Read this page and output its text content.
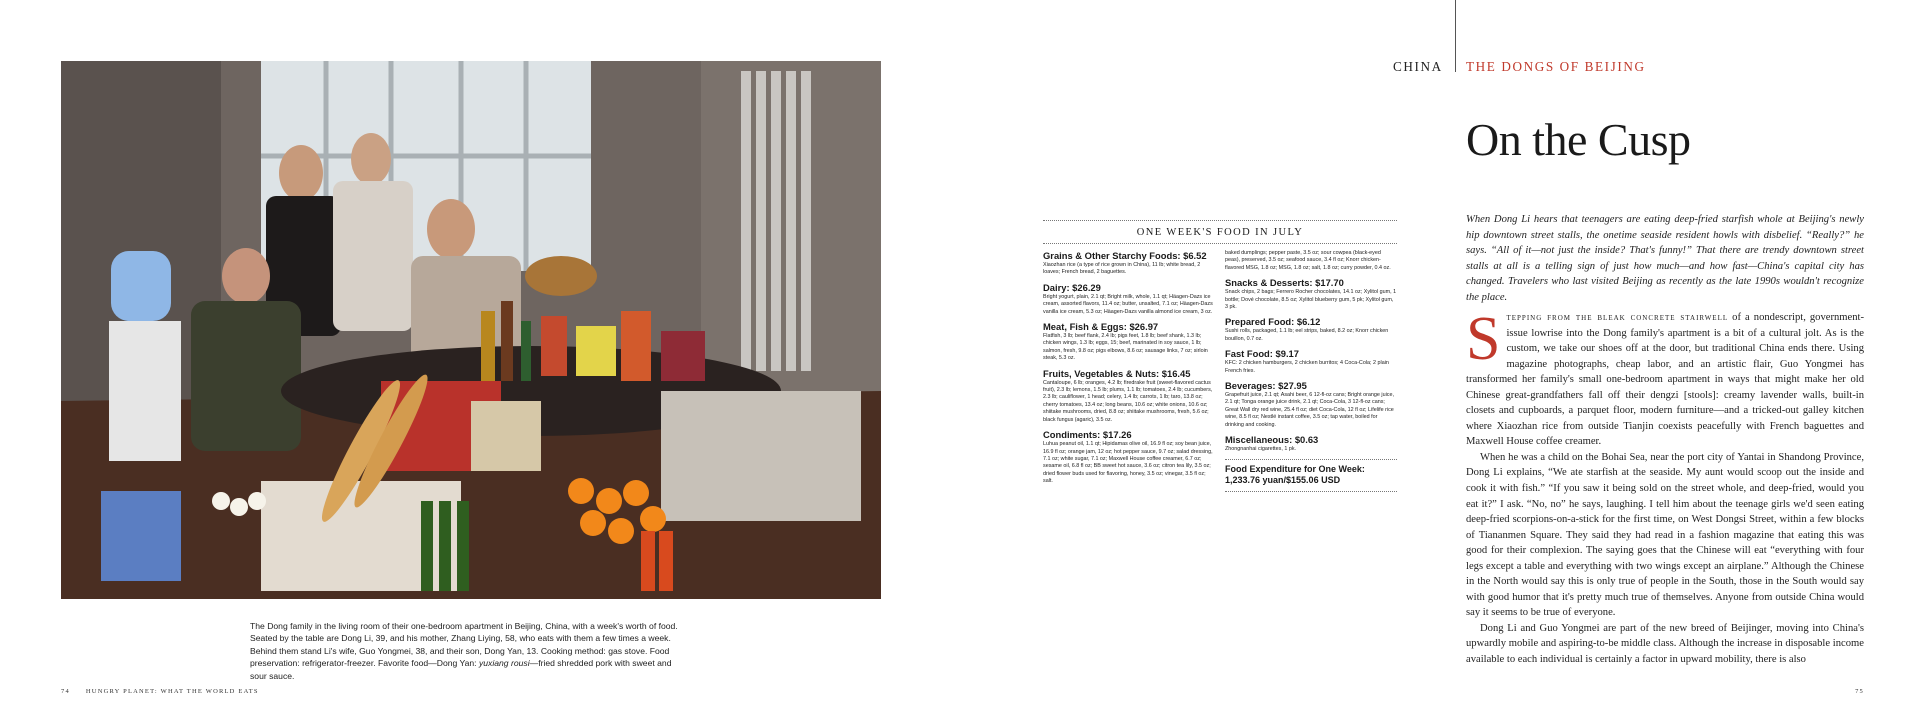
The Dong family in the living room of their one-bedroom apartment in Beijing, China, with a week's worth of food. Seated by the table are Dong Li, 39, and his mother, Zhang Liying, 58, who eats with them a few times a week. Behind them stand Li's wife, Guo Yongmei, 38, and their son, Dong Yan, 13. Cooking method: gas stove. Food preservation: refrigerator-freezer. Favorite food—Dong Yan: yuxiang rousi—fried shredded pork with sweet and sour sauce.
74 HUNGRY PLANET: WHAT THE WORLD EATS
ONE WEEK'S FOOD IN JULY
Grains & Other Starchy Foods: $6.52
Xiaozhan rice (a type of rice grown in China), 11 lb; white bread, 2 loaves; French bread, 2 baguettes.
Dairy: $26.29
Bright yogurt, plain, 2.1 qt; Bright milk, whole, 1.1 qt; Häagen-Dazs ice cream, assorted flavors, 11.4 oz; butter, unsalted, 7.1 oz; Häagen-Dazs vanilla ice cream, 5.3 oz; Häagen-Dazs vanilla almond ice cream, 3 oz.
Meat, Fish & Eggs: $26.97
Flatfish, 3 lb; beef flank, 2.4 lb; pigs feet, 1.8 lb; beef shank, 1.3 lb; chicken wings, 1.3 lb; eggs, 15; beef, marinated in soy sauce, 1 lb; salmon, fresh, 9.8 oz; pigs elbows, 8.6 oz; sausage links, 7 oz; sirloin steak, 5.3 oz.
Fruits, Vegetables & Nuts: $16.45
Cantaloupe, 6 lb; oranges, 4.2 lb; firedrake fruit (sweet-flavored cactus fruit), 2.3 lb; lemons, 1.5 lb; plums, 1.1 lb; tomatoes, 2.4 lb; cucumbers, 2.3 lb; cauliflower, 1 head; celery, 1.4 lb; carrots, 1 lb; taro, 13.8 oz; cherry tomatoes, 13.4 oz; long beans, 10.6 oz; white onions, 10.6 oz; shiitake mushrooms, dried, 8.8 oz; shiitake mushrooms, fresh, 5.6 oz; black fungus (agaric), 3.5 oz.
Condiments: $17.26
Luhua peanut oil, 1.1 qt; Hipidamas olive oil, 16.9 fl oz; soy bean juice, 16.9 fl oz; orange jam, 12 oz; hot pepper sauce, 9.7 oz; salad dressing, 7.1 oz; white sugar, 7.1 oz; Maxwell House coffee creamer, 6.7 oz; sesame oil, 6.8 fl oz; BB sweet hot sauce, 3.6 oz; citron tea lily, 3.5 oz; dried flower buds used for flavoring, honey, 3.5 oz; vinegar, 3.5 fl oz; salt.
baked dumplings; pepper paste, 3.5 oz; sour cowpea (black-eyed peas), preserved, 3.5 oz; seafood sauce, 3.4 fl oz; Knorr chicken-flavored MSG, 1.8 oz; MSG, 1.8 oz; salt, 1.8 oz; curry powder, 0.4 oz.
Snacks & Desserts: $17.70
Snack chips, 2 bags; Ferrero Rocher chocolates, 14.1 oz; Xylitol gum, 1 bottle; Dové chocolate, 8.5 oz; Xylitol blueberry gum, 5 pk; Xylitol gum, 3 pk.
Prepared Food: $6.12
Sushi rolls, packaged, 1.1 lb; eel strips, baked, 8.2 oz; Knorr chicken bouillon, 0.7 oz.
Fast Food: $9.17
KFC: 2 chicken hamburgers, 2 chicken burritos; 4 Coca-Cola; 2 plain French fries.
Beverages: $27.95
Grapefruit juice, 2.1 qt; Asahi beer, 6 12-fl-oz cans; Bright orange juice, 2.1 qt; Tonga orange juice drink, 2.1 qt; Coca-Cola, 3 12-fl-oz cans; Great Wall dry red wine, 25.4 fl oz; diet Coca-Cola, 12 fl oz; Lifelife rice wine, 8.5 fl oz; Nestlé instant coffee, 3.5 oz; tap water, boiled for drinking and cooking.
Miscellaneous: $0.63
Zhongnanhai cigarettes, 1 pk.
Food Expenditure for One Week: 1,233.76 yuan/$155.06 USD
CHINA THE DONGS OF BEIJING
On the Cusp
When Dong Li hears that teenagers are eating deep-fried starfish whole at Beijing's newly hip downtown street stalls, the onetime seaside resident howls with disbelief. “Really?” he says. “All of it—not just the inside? That's funny!” That there are trendy downtown street stalls at all is a telling sign of just how much—and how fast—China's capital city has changed. Travelers who last visited Beijing as recently as the late 1990s wouldn't recognize the place.

Stepping from the bleak concrete stairwell of a nondescript, government-issue lowrise into the Dong family's apartment is a bit of a cultural jolt. As is the custom, we take our shoes off at the door, but traditional China ends there. Using magazine photographs, cheap labor, and an artistic flair, Guo Yongmei has transformed her family's small one-bedroom apartment in ways that might make her old Chinese great-grandfathers fall off their dengzi [stools]: creamy lavender walls, built-in closets and cupboards, a parquet floor, modern furniture—and a tricked-out galley kitchen where Xiaozhan rice from outside Tianjin coexists peacefully with French baguettes and Maxwell House coffee creamer.

When he was a child on the Bohai Sea, near the port city of Yantai in Shandong Province, Dong Li explains, “We ate starfish at the seaside. My aunt would scoop out the inside and cook it with fish.” “If you saw it being sold on the street whole, and deep-fried, would you eat it?” I ask. “No, no” he says, laughing. I tell him about the teenage girls we'd seen eating deep-fried scorpions-on-a-stick for the first time, on West Dongsi Street, within a few blocks of Tiananmen Square. They said they had read in a fashion magazine that eating this was good for their complexion. The saying goes that the Chinese will eat “everything with four legs except a table and everything with two wings except an airplane.” Although the Chinese in the North would say this is only true of people in the South, those in the South would say with good humor that it's pretty much true of themselves. Anyone from outside China would say it seems to be true of everyone.

Dong Li and Guo Yongmei are part of the new breed of Beijinger, moving into China's upwardly mobile and aspiring-to-be middle class. Although the increase in disposable income available to each individual is certainly a factor in upward mobility, there is also

75
